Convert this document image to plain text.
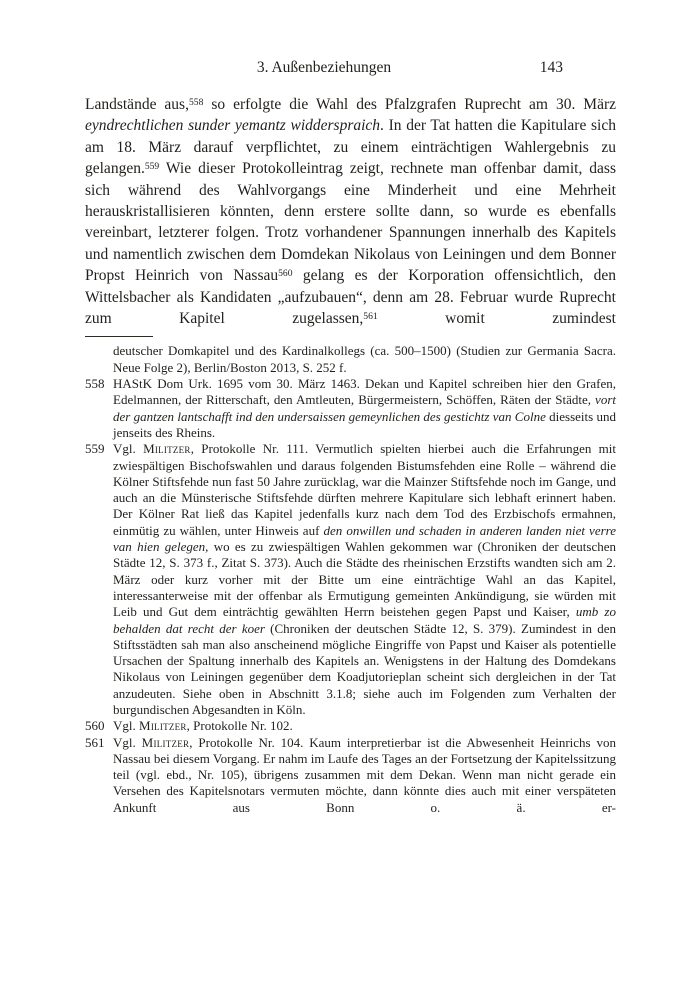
3. Außenbeziehungen	143

Landstände aus,$^{558}$ so erfolgte die Wahl des Pfalzgrafen Ruprecht am 30. März eyndrechtlichen sunder yemantz widderspraich. In der Tat hatten die Kapitulare sich am 18. März darauf verpflichtet, zu einem einträchtigen Wahlergebnis zu gelangen.$^{559}$ Wie dieser Protokolleintrag zeigt, rechnete man offenbar damit, dass sich während des Wahlvorgangs eine Minderheit und eine Mehrheit herauskristallisieren könnten, denn erstere sollte dann, so wurde es ebenfalls vereinbart, letzterer folgen. Trotz vorhandener Spannungen innerhalb des Kapitels und namentlich zwischen dem Domdekan Nikolaus von Leiningen und dem Bonner Propst Heinrich von Nassau$^{560}$ gelang es der Korporation offensichtlich, den Wittelsbacher als Kandidaten „aufzubauen“, denn am 28. Februar wurde Ruprecht zum Kapitel zugelassen,$^{561}$ womit zumindest

deutscher Domkapitel und des Kardinalkollegs (ca. 500–1500) (Studien zur Germania Sacra. Neue Folge 2), Berlin/Boston 2013, S. 252 f.
558 HAStK Dom Urk. 1695 vom 30. März 1463. Dekan und Kapitel schreiben hier den Grafen, Edelmannen, der Ritterschaft, den Amtleuten, Bürgermeistern, Schöffen, Räten der Städte, vort der gantzen lantschafft ind den undersaissen gemeynlichen des gestichtz van Colne diesseits und jenseits des Rheins.
559 Vgl. Militzer, Protokolle Nr. 111. Vermutlich spielten hierbei auch die Erfahrungen mit zwiespältigen Bischofswahlen und daraus folgenden Bistumsfehden eine Rolle – während die Kölner Stiftsfehde nun fast 50 Jahre zurücklag, war die Mainzer Stiftsfehde noch im Gange, und auch an die Münsterische Stiftsfehde dürften mehrere Kapitulare sich lebhaft erinnert haben. Der Kölner Rat ließ das Kapitel jedenfalls kurz nach dem Tod des Erzbischofs ermahnen, einmütig zu wählen, unter Hinweis auf den onwillen und schaden in anderen landen niet verre van hien gelegen, wo es zu zwiespältigen Wahlen gekommen war (Chroniken der deutschen Städte 12, S. 373 f., Zitat S. 373). Auch die Städte des rheinischen Erzstifts wandten sich am 2. März oder kurz vorher mit der Bitte um eine einträchtige Wahl an das Kapitel, interessanterweise mit der offenbar als Ermutigung gemeinten Ankündigung, sie würden mit Leib und Gut dem einträchtig gewählten Herrn beistehen gegen Papst und Kaiser, umb zo behalden dat recht der koer (Chroniken der deutschen Städte 12, S. 379). Zumindest in den Stiftsstädten sah man also anscheinend mögliche Eingriffe von Papst und Kaiser als potentielle Ursachen der Spaltung innerhalb des Kapitels an. Wenigstens in der Haltung des Domdekans Nikolaus von Leiningen gegenüber dem Koadjutorieplan scheint sich dergleichen in der Tat anzudeuten. Siehe oben in Abschnitt 3.1.8; siehe auch im Folgenden zum Verhalten der burgundischen Abgesandten in Köln.
560 Vgl. Militzer, Protokolle Nr. 102.
561 Vgl. Militzer, Protokolle Nr. 104. Kaum interpretierbar ist die Abwesenheit Heinrichs von Nassau bei diesem Vorgang. Er nahm im Laufe des Tages an der Fortsetzung der Kapitelssitzung teil (vgl. ebd., Nr. 105), übrigens zusammen mit dem Dekan. Wenn man nicht gerade ein Versehen des Kapitelsnotars vermuten möchte, dann könnte dies auch mit einer verspäteten Ankunft aus Bonn o. ä. er-
